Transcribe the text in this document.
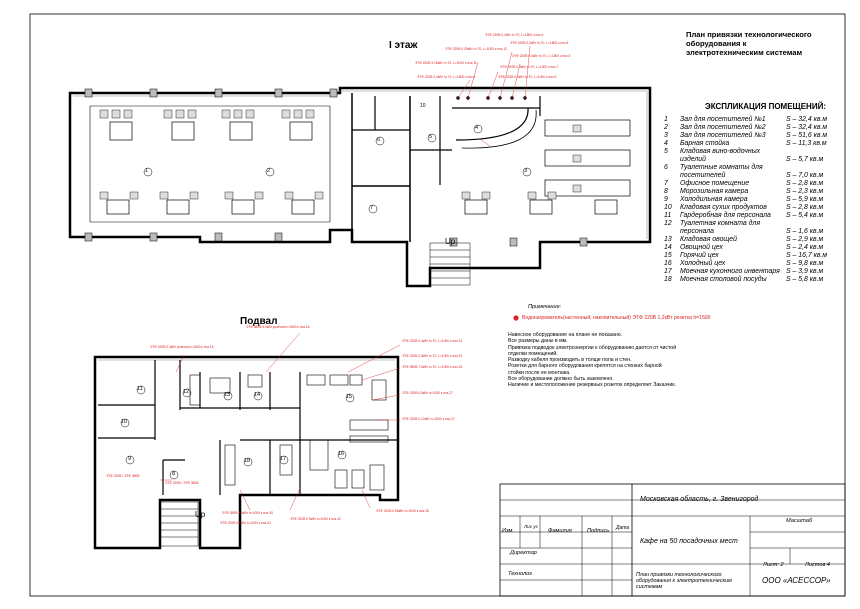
План привязки технологического оборудования к электротехническим системам
I этаж
Подвал
Up
Up
1	2	3
4
5
6
7
10
8
9
10
11	12	13	14	15
16
17
18
ЭТФ 220В 0,2кВт h=70, L=1800 к поз.4
ЭТФ 220В 0,2кВт h=70, L=1800 к поз.8
ЭТФ 220В 0,25кВт h=70, L=1000 к поз.12
ЭТФ 220В 0,4кВт h=70, L=1800 к поз.5
ЭТФ 220В 3,15кВт h=70, L=1000 к поз.11
ЭТФ 220В 0,3кВт h=70, L=1000 к поз.7
ЭТФ 220В 2,0кВт h=70, L=1800 к поз.6	ЭТФ 220В 0,5кВт h=70, L=1000 к поз.9
ЭТФ 220В 0,3кВт розетка h=1500 к поз.15
ЭТФ 380В 5,0кВт розетка h=1500 к поз.16
ЭТФ 220В 0,4кВт h=70, L=1000 к поз.23
ЭТФ 220В 2,8кВт h=70, L=1000 к поз.24
ЭТФ 380В 7,5кВт h=70, L=1000 к поз.25
ЭТФ 220В 0,5кВт h=1000 к поз.27
ЭТФ 220В 0,12кВт h=1000 к поз.27
ЭТФ 220В / ЭТФ 380В
ЭТФ 220В / ЭТФ 380В
ЭТФ 380В 5,5кВт h=1000 к поз.30
ЭТФ 220В 0,1кВт h=1000 к поз.31
ЭТФ 220В 0,5кВт h=1000 к поз.32
ЭТФ 220В 0,06кВт h=1000 к поз.28
ЭКСПЛИКАЦИЯ ПОМЕЩЕНИЙ:
1	Зал для посетителей №1	S – 32,4 кв.м
2	Зал для посетителей №2	S – 32,4 кв.м
3	Зал для посетителей №3	S – 51,6 кв.м
4	Барная стойка	S – 11,3 кв.м
5	Кладовая вино-водочных изделий	S – 5,7 кв.м
6	Туалетные комнаты для посетителей	S – 7,0 кв.м
7	Офисное помещение	S – 2,8 кв.м
8	Морозильная камера	S – 2,3 кв.м
9	Холодильная камера	S – 5,9 кв.м
10	Кладовая сухих продуктов	S – 2,8 кв.м
11	Гардеробная для персонала	S – 5,4 кв.м
12	Туалетная комната для персонала	S – 1,6 кв.м
13	Кладовая овощей	S – 2,9 кв.м
14	Овощной цех	S – 2,4 кв.м
15	Горячий цех	S – 16,7 кв.м
16	Холодный цех	S – 9,8 кв.м
17	Моечная кухонного инвентаря S – 3,9 кв.м
18	Моечная столовой посуды	S – 5,8 кв.м
Примечание:
Водонагреватель(настенный, накопительный) ЭТФ 220В 1,2кВт розетка h=1500
Навесное оборудование на плане не показано.
Все размеры даны в мм.
Привязка подводок электроэнергии к оборудованию дается от чистой отделки помещений.
Разводку кабеля производить в толще пола и стен.
Розетки для барного оборудования крепятся на стенках барной стойки после ее монтажа.
Все оборудование должно быть заземлено.
Наличие и местоположение резервных розеток определяет Заказчик.
Московская область, г. Звенигород
Масштаб
Изм.
Лис ус
Фамилия	Подпись Дата
Кафе на 50 посадочных мест
Директор
Лист: 2	Листов 4
Технолог	План привязки технологического оборудования к электротехническим системам
ООО «АСЕССОР»
